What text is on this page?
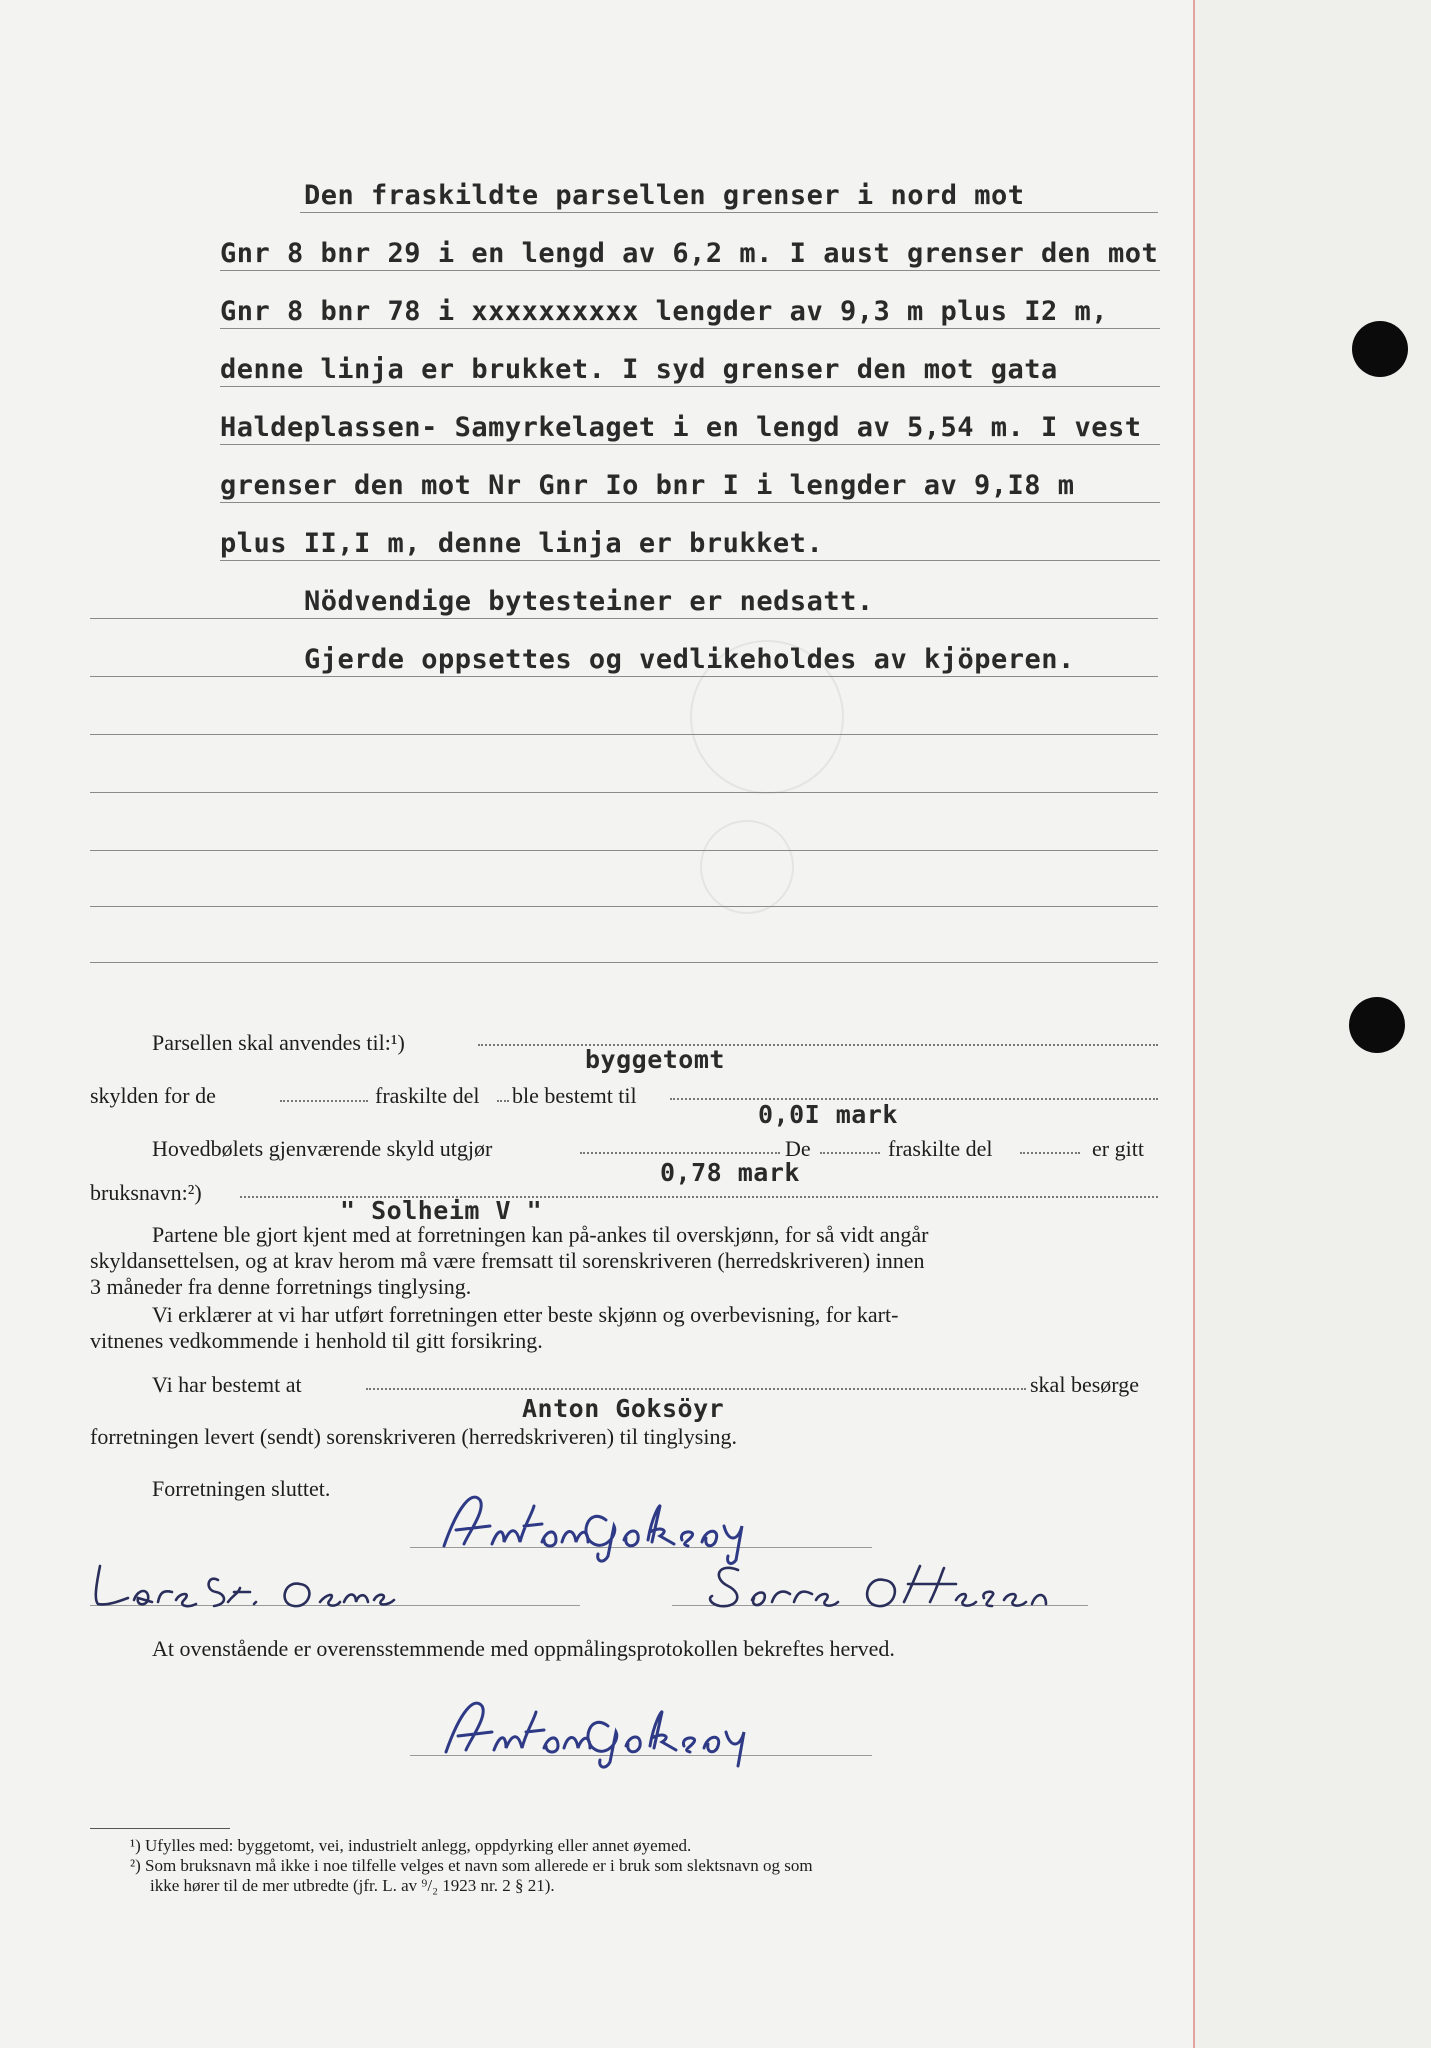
Den fraskildte parsellen grenser i nord mot
Gnr 8 bnr 29 i en lengd av 6,2 m. I aust grenser den mot
Gnr 8 bnr 78 i xxxxxxxxxx lengder av 9,3 m plus I2 m,
denne linja er brukket. I syd grenser den mot gata
Haldeplassen- Samyrkelaget i en lengd av 5,54 m. I vest
grenser den mot Nr Gnr Io bnr I i lengder av 9,I8 m
plus II,I m, denne linja er brukket.
Nödvendige bytesteiner er nedsatt.
Gjerde oppsettes og vedlikeholdes av kjöperen.
Parsellen skal anvendes til:¹)
byggetomt
skylden for de	fraskilte del ble bestemt til
0,0I mark
Hovedbølets gjenværende skyld utgjør	De	fraskilte del	er gitt
0,78 mark
bruksnavn:²)
" Solheim V "
Partene ble gjort kjent med at forretningen kan på-ankes til overskjønn, for så vidt angår
skyldansettelsen, og at krav herom må være fremsatt til sorenskriveren (herredskriveren) innen
3 måneder fra denne forretnings tinglysing.
Vi erklærer at vi har utført forretningen etter beste skjønn og overbevisning, for kart-
vitnenes vedkommende i henhold til gitt forsikring.
Vi har bestemt at	skal besørge
Anton Goksöyr
forretningen levert (sendt) sorenskriveren (herredskriveren) til tinglysing.
Forretningen sluttet.
Anton Goksöyr
At ovenstående er overensstemmende med oppmålingsprotokollen bekreftes herved.
¹) Ufylles med: byggetomt, vei, industrielt anlegg, oppdyrking eller annet øyemed.
²) Som bruksnavn må ikke i noe tilfelle velges et navn som allerede er i bruk som slektsnavn og som
ikke hører til de mer utbredte (jfr. L. av ⁹/₂ 1923 nr. 2 § 21).
